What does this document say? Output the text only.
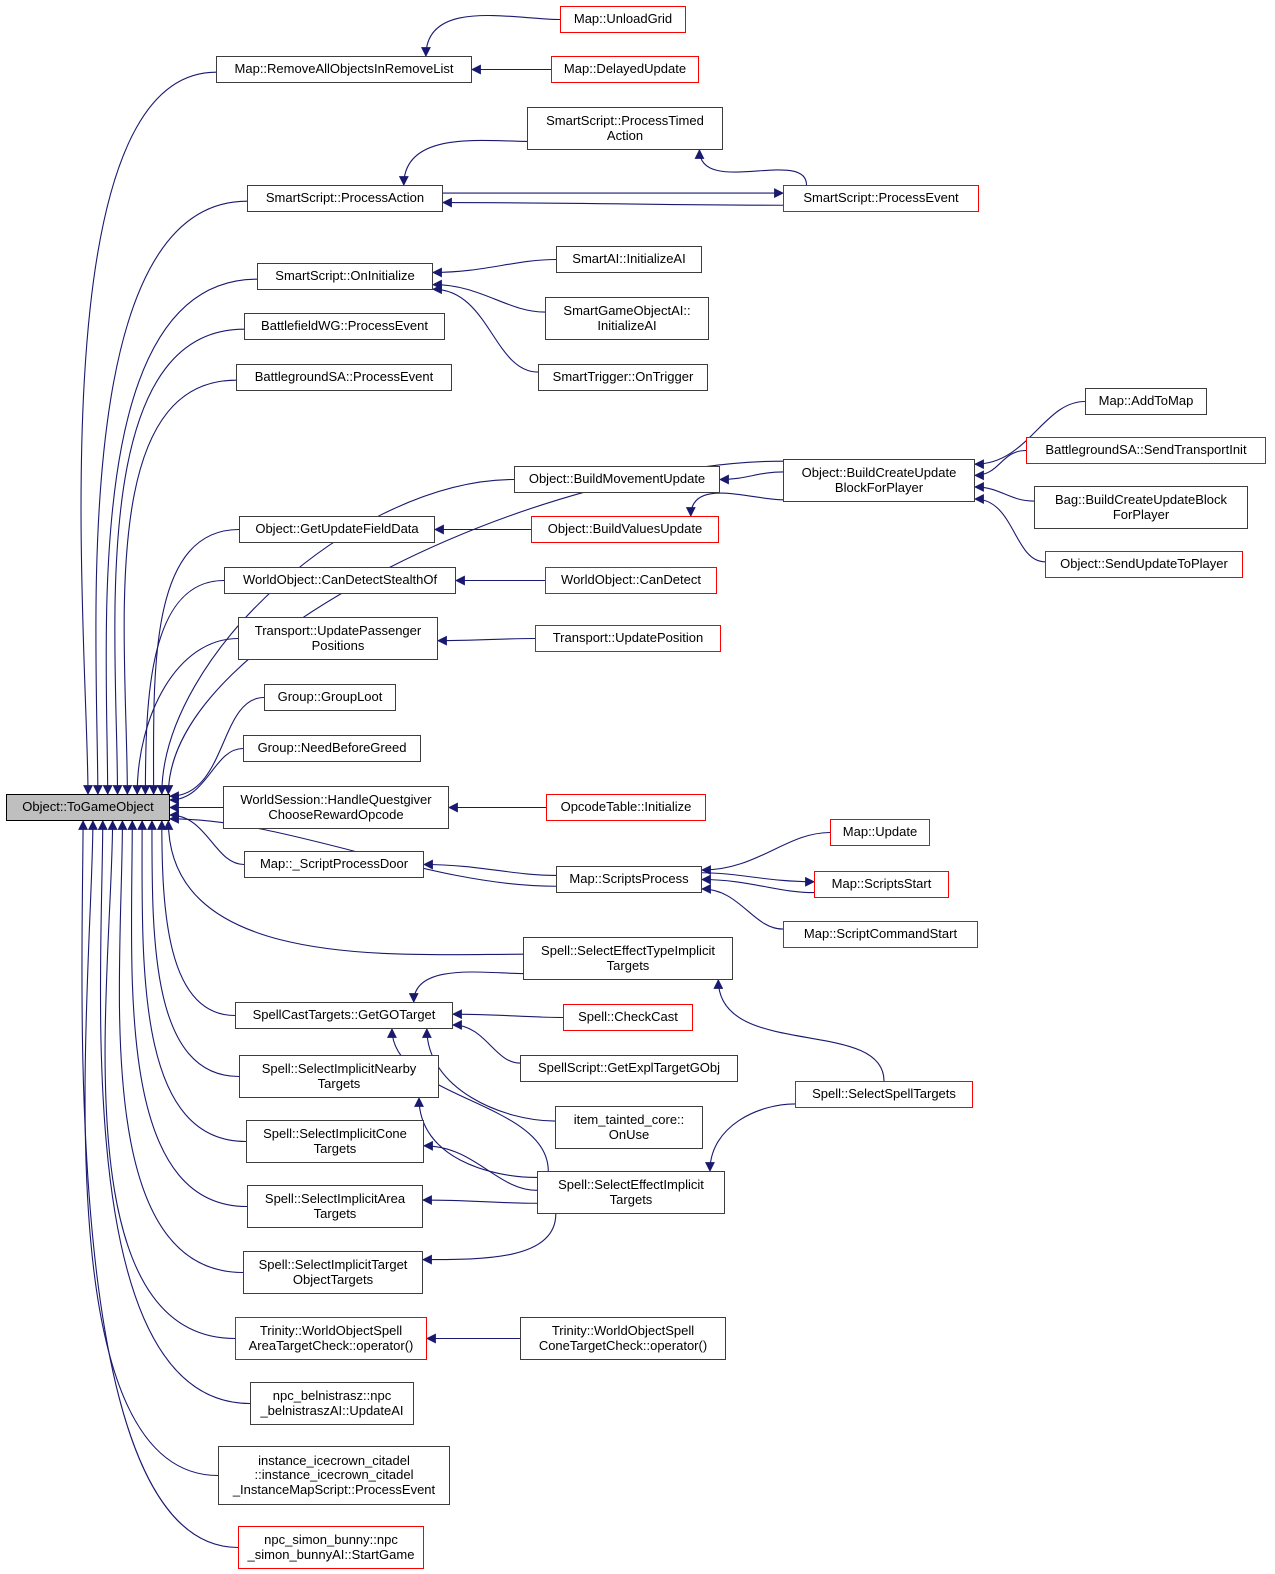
Object::ToGameObject
Map::RemoveAllObjectsInRemoveList
Map::UnloadGrid
Map::DelayedUpdate
SmartScript::ProcessTimed
Action
SmartScript::ProcessAction	SmartScript::ProcessEvent
SmartScript::OnInitialize
SmartAI::InitializeAI
SmartGameObjectAI::
InitializeAI
BattlefieldWG::ProcessEvent
SmartTrigger::OnTrigger
BattlegroundSA::ProcessEvent
Map::AddToMap
BattlegroundSA::SendTransportInit
Object::BuildCreateUpdate
BlockForPlayer
Object::BuildMovementUpdate
Bag::BuildCreateUpdateBlock
ForPlayer
Object::BuildValuesUpdate
Object::GetUpdateFieldData
Object::SendUpdateToPlayer
WorldObject::CanDetectStealthOf	WorldObject::CanDetect
Transport::UpdatePassenger
Positions	Transport::UpdatePosition
Group::GroupLoot
Group::NeedBeforeGreed
WorldSession::HandleQuestgiver
ChooseRewardOpcode	OpcodeTable::Initialize
Map::Update
Map::_ScriptProcessDoor
Map::ScriptsProcess	Map::ScriptsStart
Map::ScriptCommandStart
Spell::SelectEffectTypeImplicit
Targets
SpellCastTargets::GetGOTarget	Spell::CheckCast
SpellScript::GetExplTargetGObj
Spell::SelectImplicitNearby
Targets
item_tainted_core::
OnUse
Spell::SelectSpellTargets
Spell::SelectImplicitCone
Targets
Spell::SelectEffectImplicit
Targets
Spell::SelectImplicitArea
Targets
Spell::SelectImplicitTarget
ObjectTargets
Trinity::WorldObjectSpell
AreaTargetCheck::operator()
Trinity::WorldObjectSpell
ConeTargetCheck::operator()
npc_belnistrasz::npc
_belnistraszAI::UpdateAI
instance_icecrown_citadel
::instance_icecrown_citadel
_InstanceMapScript::ProcessEvent
npc_simon_bunny::npc
_simon_bunnyAI::StartGame
